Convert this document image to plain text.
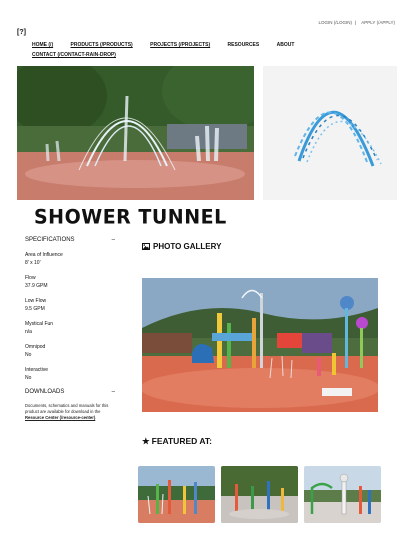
LOGIN (/LOGIN) | APPLY (/APPLY)
[?]
HOME (/)	PRODUCTS (/PRODUCTS)	PROJECTS (/PROJECTS)	RESOURCES	ABOUT
CONTACT (/CONTACT-RAIN-DROP)
SHOWER TUNNEL
SPECIFICATIONS	–
Area of Influence
8' x 10'
Flow
37.9 GPM
Low Flow
9.5 GPM
Mystical Fun
n/a
Omnipod
No
Interactive
No
DOWNLOADS	–

Documents, schematics and manuals for this product are available for download in the Resource Center (/resource-center).

PHOTO GALLERY
★ FEATURED AT:
